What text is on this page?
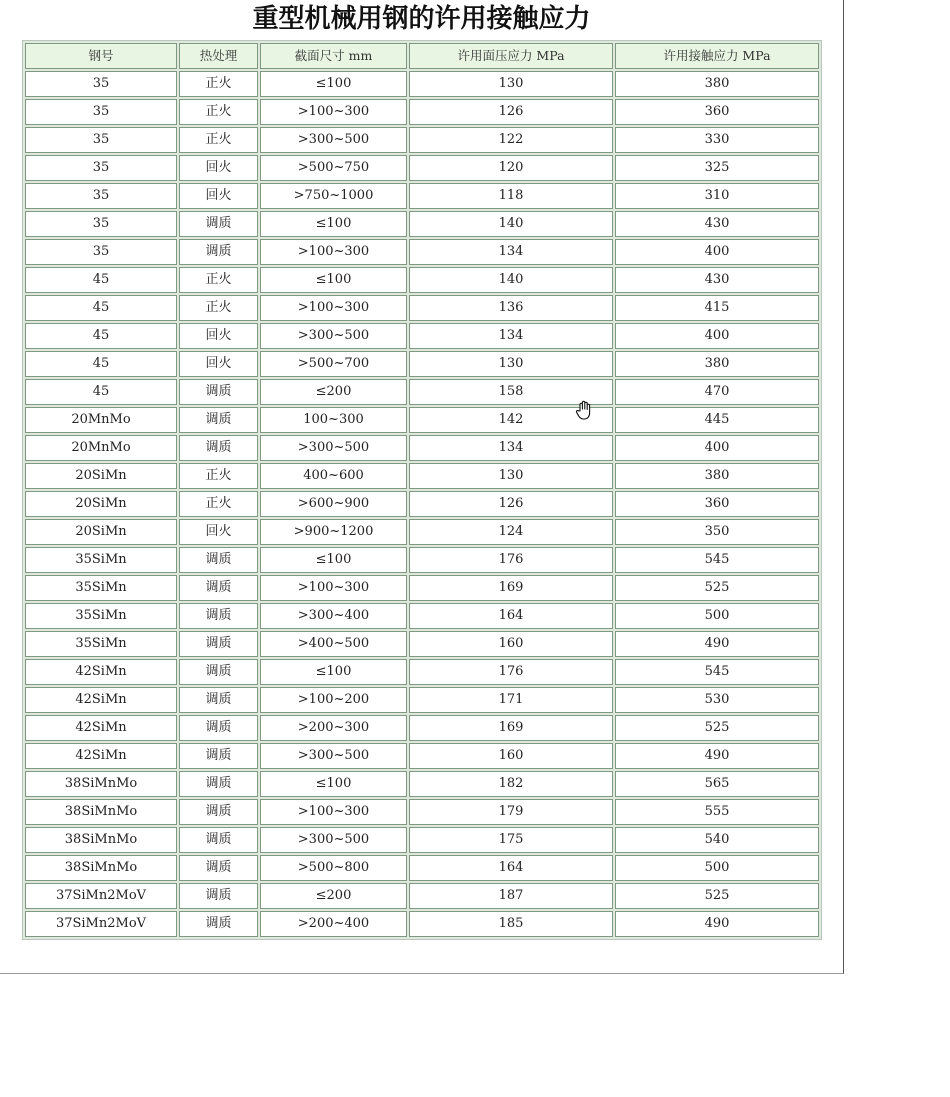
重型机械用钢的许用接触应力
钢号	热处理	截面尺寸 mm	许用面压应力 MPa	许用接触应力 MPa
35	正火	≤100	130	380
35	正火	>100~300	126	360
35	正火	>300~500	122	330
35	回火	>500~750	120	325
35	回火	>750~1000	118	310
35	调质	≤100	140	430
35	调质	>100~300	134	400
45	正火	≤100	140	430
45	正火	>100~300	136	415
45	回火	>300~500	134	400
45	回火	>500~700	130	380
45	调质	≤200	158	470
20MnMo	调质	100~300	142	445
20MnMo	调质	>300~500	134	400
20SiMn	正火	400~600	130	380
20SiMn	正火	>600~900	126	360
20SiMn	回火	>900~1200	124	350
35SiMn	调质	≤100	176	545
35SiMn	调质	>100~300	169	525
35SiMn	调质	>300~400	164	500
35SiMn	调质	>400~500	160	490
42SiMn	调质	≤100	176	545
42SiMn	调质	>100~200	171	530
42SiMn	调质	>200~300	169	525
42SiMn	调质	>300~500	160	490
38SiMnMo	调质	≤100	182	565
38SiMnMo	调质	>100~300	179	555
38SiMnMo	调质	>300~500	175	540
38SiMnMo	调质	>500~800	164	500
37SiMn2MoV	调质	≤200	187	525
37SiMn2MoV	调质	>200~400	185	490
